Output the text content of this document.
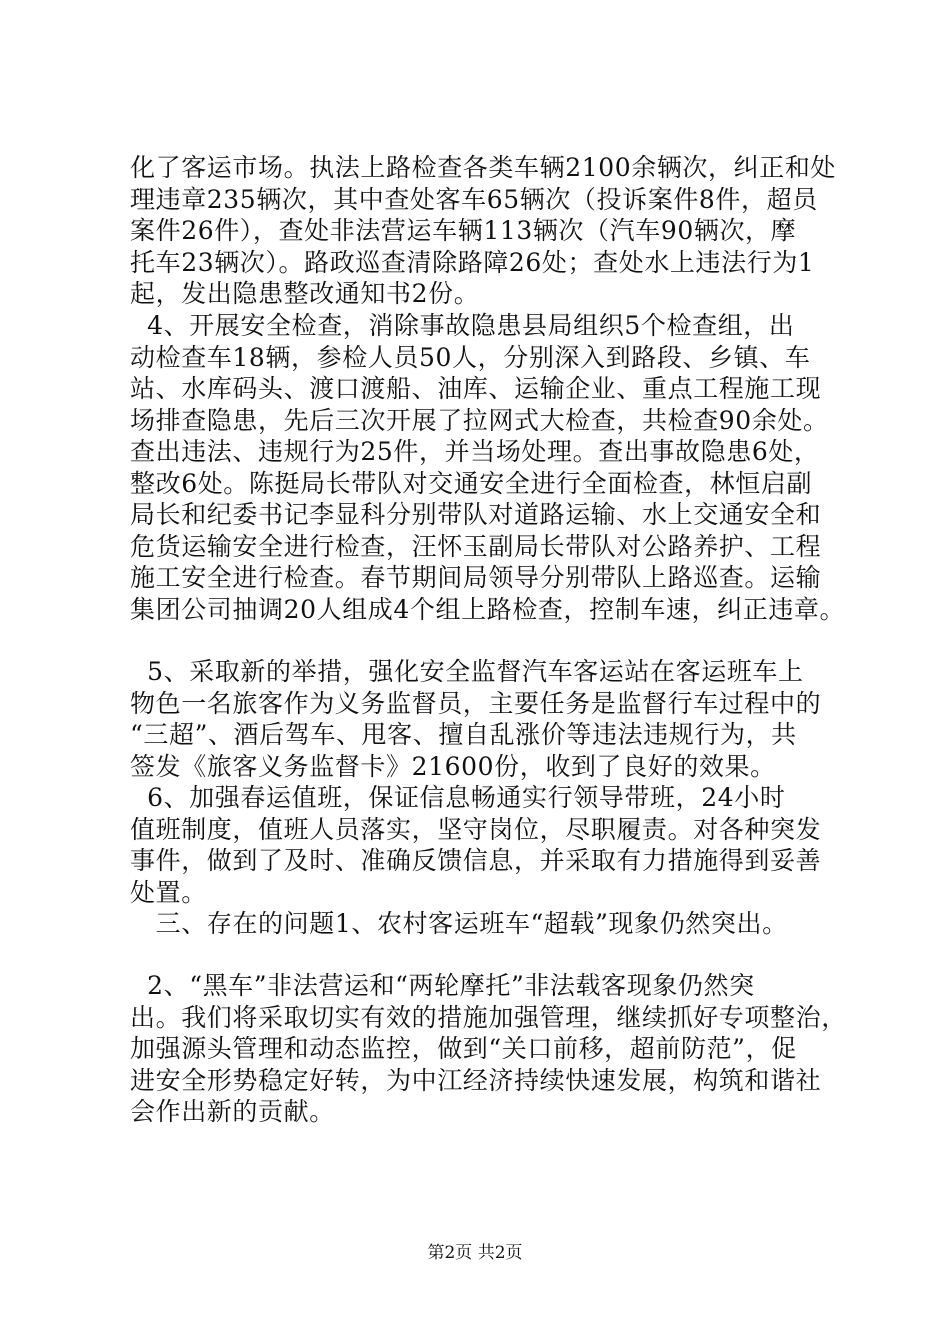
化了客运市场。执法上路检查各类车辆2100余辆次，纠正和处
理违章235辆次，其中查处客车65辆次（投诉案件8件，超员
案件26件），查处非法营运车辆113辆次（汽车90辆次，摩
托车23辆次）。路政巡查清除路障26处；查处水上违法行为1
起，发出隐患整改通知书2份。

4、开展安全检查，消除事故隐患县局组织5个检查组，出
动检查车18辆，参检人员50人，分别深入到路段、乡镇、车
站、水库码头、渡口渡船、油库、运输企业、重点工程施工现
场排查隐患，先后三次开展了拉网式大检查，共检查90余处。
查出违法、违规行为25件，并当场处理。查出事故隐患6处，
整改6处。陈挺局长带队对交通安全进行全面检查，林恒启副
局长和纪委书记李显科分别带队对道路运输、水上交通安全和
危货运输安全进行检查，汪怀玉副局长带队对公路养护、工程
施工安全进行检查。春节期间局领导分别带队上路巡查。运输
集团公司抽调20人组成4个组上路检查，控制车速，纠正违章。

5、采取新的举措，强化安全监督汽车客运站在客运班车上
物色一名旅客作为义务监督员，主要任务是监督行车过程中的
“三超”、酒后驾车、甩客、擅自乱涨价等违法违规行为，共
签发《旅客义务监督卡》21600份，收到了良好的效果。

6、加强春运值班，保证信息畅通实行领导带班，24小时
值班制度，值班人员落实，坚守岗位，尽职履责。对各种突发
事件，做到了及时、准确反馈信息，并采取有力措施得到妥善
处置。

三、存在的问题1、农村客运班车“超载”现象仍然突出。

2、“黑车”非法营运和“两轮摩托”非法载客现象仍然突
出。我们将采取切实有效的措施加强管理，继续抓好专项整治，
加强源头管理和动态监控，做到“关口前移，超前防范”，促
进安全形势稳定好转，为中江经济持续快速发展，构筑和谐社
会作出新的贡献。

第2页 共2页
